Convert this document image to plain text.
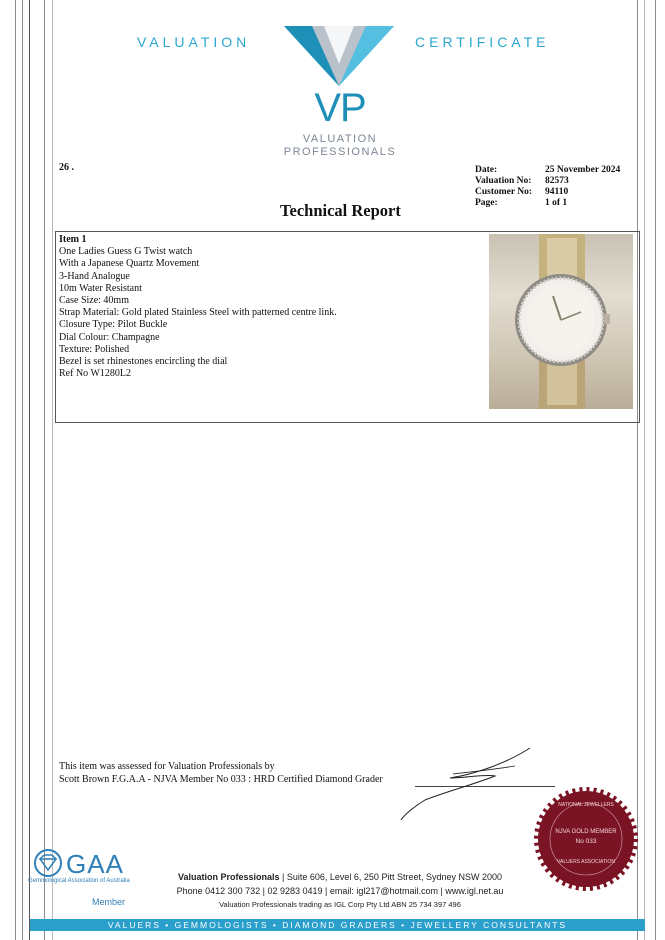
VALUATION	CERTIFICATE
VP
VALUATION
PROFESSIONALS
26 .	Date:	25 November 2024
Valuation No:	82573
Customer No:	94110
Page:	1 of 1
Technical Report
Item 1
One Ladies Guess G Twist watch
With a Japanese Quartz Movement
3-Hand Analogue
10m Water Resistant
Case Size: 40mm
Strap Material: Gold plated Stainless Steel with patterned centre link.
Closure Type: Pilot Buckle
Dial Colour: Champagne
Texture: Polished
Bezel is set rhinestones encircling the dial
Ref No W1280L2
This item was assessed for Valuation Professionals by
Scott Brown F.G.A.A - NJVA Member No 033 : HRD Certified Diamond Grader
NATIONAL JEWELLERS
NJVA GOLD MEMBER
No 033
VALUERS ASSOCIATION
GAA
Gemmological Association of Australia
Member
Valuation Professionals | Suite 606, Level 6, 250 Pitt Street, Sydney NSW 2000
Phone 0412 300 732 | 02 9283 0419 | email: igl217@hotmail.com | www.igl.net.au
Valuation Professionals trading as IGL Corp Pty Ltd ABN 25 734 397 496
VALUERS • GEMMOLOGISTS • DIAMOND GRADERS • JEWELLERY CONSULTANTS
